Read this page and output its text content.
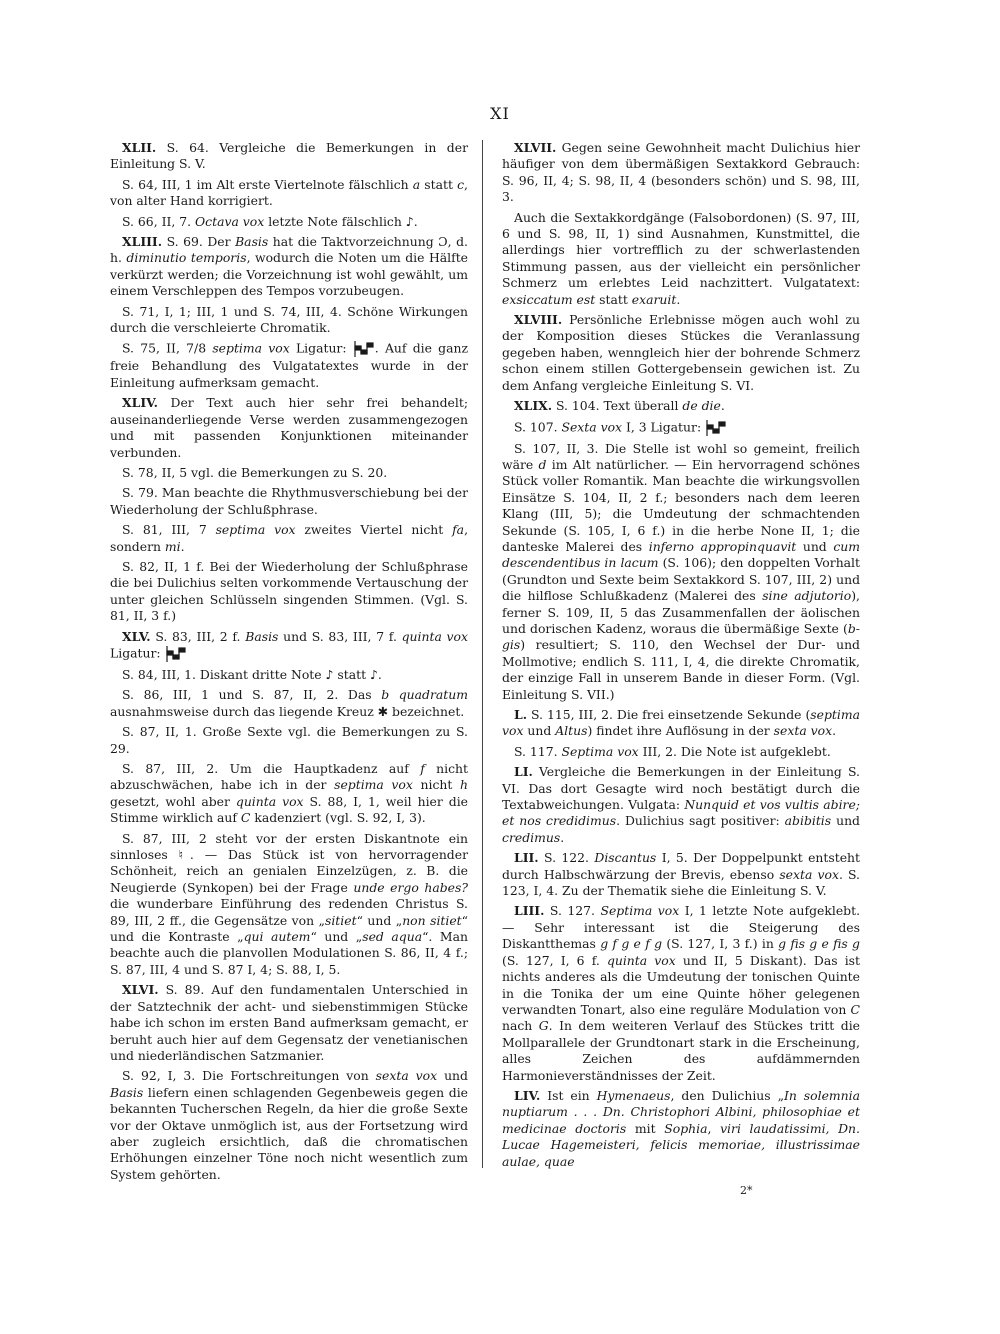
XI

XLII. S. 64. Vergleiche die Bemerkungen in der Einleitung S. V.

S. 64, III, 1 im Alt erste Viertelnote fälschlich a statt c, von alter Hand korrigiert.

S. 66, II, 7. Octava vox letzte Note fälschlich ♪.

XLIII. S. 69. Der Basis hat die Taktvorzeichnung Ɔ, d. h. diminutio temporis, wodurch die Noten um die Hälfte verkürzt werden; die Vorzeichnung ist wohl gewählt, um einem Verschleppen des Tempos vorzubeugen.

S. 71, I, 1; III, 1 und S. 74, III, 4. Schöne Wirkungen durch die verschleierte Chromatik.

S. 75, II, 7/8 septima vox Ligatur: . Auf die ganz freie Behandlung des Vulgatatextes wurde in der Einleitung aufmerksam gemacht.

XLIV. Der Text auch hier sehr frei behandelt; auseinanderliegende Verse werden zusammengezogen und mit passenden Konjunktionen miteinander verbunden.

S. 78, II, 5 vgl. die Bemerkungen zu S. 20.

S. 79. Man beachte die Rhythmusverschiebung bei der Wiederholung der Schlußphrase.

S. 81, III, 7 septima vox zweites Viertel nicht fa, sondern mi.

S. 82, II, 1 f. Bei der Wiederholung der Schlußphrase die bei Dulichius selten vorkommende Vertauschung der unter gleichen Schlüsseln singenden Stimmen. (Vgl. S. 81, II, 3 f.)

XLV. S. 83, III, 2 f. Basis und S. 83, III, 7 f. quinta vox Ligatur:

S. 84, III, 1. Diskant dritte Note ♪ statt ♪.

S. 86, III, 1 und S. 87, II, 2. Das b quadratum ausnahmsweise durch das liegende Kreuz ✱ bezeichnet.

S. 87, II, 1. Große Sexte vgl. die Bemerkungen zu S. 29.

S. 87, III, 2. Um die Hauptkadenz auf f nicht abzuschwächen, habe ich in der septima vox nicht h gesetzt, wohl aber quinta vox S. 88, I, 1, weil hier die Stimme wirklich auf C kadenziert (vgl. S. 92, I, 3).

S. 87, III, 2 steht vor der ersten Diskantnote ein sinnloses ♮. — Das Stück ist von hervorragender Schönheit, reich an genialen Einzelzügen, z. B. die Neugierde (Synkopen) bei der Frage unde ergo habes? die wunderbare Einführung des redenden Christus S. 89, III, 2 ff., die Gegensätze von „sitiet“ und „non sitiet“ und die Kontraste „qui autem“ und „sed aqua“. Man beachte auch die planvollen Modulationen S. 86, II, 4 f.; S. 87, III, 4 und S. 87 I, 4; S. 88, I, 5.

XLVI. S. 89. Auf den fundamentalen Unterschied in der Satztechnik der acht- und siebenstimmigen Stücke habe ich schon im ersten Band aufmerksam gemacht, er beruht auch hier auf dem Gegensatz der venetianischen und niederländischen Satzmanier.

S. 92, I, 3. Die Fortschreitungen von sexta vox und Basis liefern einen schlagenden Gegenbeweis gegen die bekannten Tucherschen Regeln, da hier die große Sexte vor der Oktave unmöglich ist, aus der Fortsetzung wird aber zugleich ersichtlich, daß die chromatischen Erhöhungen einzelner Töne noch nicht wesentlich zum System gehörten.

XLVII. Gegen seine Gewohnheit macht Dulichius hier häufiger von dem übermäßigen Sextakkord Gebrauch: S. 96, II, 4; S. 98, II, 4 (besonders schön) und S. 98, III, 3.

Auch die Sextakkordgänge (Falsobordonen) (S. 97, III, 6 und S. 98, II, 1) sind Ausnahmen, Kunstmittel, die allerdings hier vortrefflich zu der schwerlastenden Stimmung passen, aus der vielleicht ein persönlicher Schmerz um erlebtes Leid nachzittert. Vulgatatext: exsiccatum est statt exaruit.

XLVIII. Persönliche Erlebnisse mögen auch wohl zu der Komposition dieses Stückes die Veranlassung gegeben haben, wenngleich hier der bohrende Schmerz schon einem stillen Gottergebensein gewichen ist. Zu dem Anfang vergleiche Einleitung S. VI.

XLIX. S. 104. Text überall de die.

S. 107. Sexta vox I, 3 Ligatur:

S. 107, II, 3. Die Stelle ist wohl so gemeint, freilich wäre d im Alt natürlicher. — Ein hervorragend schönes Stück voller Romantik. Man beachte die wirkungsvollen Einsätze S. 104, II, 2 f.; besonders nach dem leeren Klang (III, 5); die Umdeutung der schmachtenden Sekunde (S. 105, I, 6 f.) in die herbe None II, 1; die danteske Malerei des inferno appropinquavit und cum descendentibus in lacum (S. 106); den doppelten Vorhalt (Grundton und Sexte beim Sextakkord S. 107, III, 2) und die hilflose Schlußkadenz (Malerei des sine adjutorio), ferner S. 109, II, 5 das Zusammenfallen der äolischen und dorischen Kadenz, woraus die übermäßige Sexte (b-gis) resultiert; S. 110, den Wechsel der Dur- und Mollmotive; endlich S. 111, I, 4, die direkte Chromatik, der einzige Fall in unserem Bande in dieser Form. (Vgl. Einleitung S. VII.)

L. S. 115, III, 2. Die frei einsetzende Sekunde (septima vox und Altus) findet ihre Auflösung in der sexta vox.

S. 117. Septima vox III, 2. Die Note ist aufgeklebt.

LI. Vergleiche die Bemerkungen in der Einleitung S. VI. Das dort Gesagte wird noch bestätigt durch die Textabweichungen. Vulgata: Nunquid et vos vultis abire; et nos credidimus. Dulichius sagt positiver: abibitis und credimus.

LII. S. 122. Discantus I, 5. Der Doppelpunkt entsteht durch Halbschwärzung der Brevis, ebenso sexta vox. S. 123, I, 4. Zu der Thematik siehe die Einleitung S. V.

LIII. S. 127. Septima vox I, 1 letzte Note aufgeklebt. — Sehr interessant ist die Steigerung des Diskantthemas g f g e f g (S. 127, I, 3 f.) in g fis g e fis g (S. 127, I, 6 f. quinta vox und II, 5 Diskant). Das ist nichts anderes als die Umdeutung der tonischen Quinte in die Tonika der um eine Quinte höher gelegenen verwandten Tonart, also eine reguläre Modulation von C nach G. In dem weiteren Verlauf des Stückes tritt die Mollparallele der Grundtonart stark in die Erscheinung, alles Zeichen des aufdämmernden Harmonieverständnisses der Zeit.

LIV. Ist ein Hymenaeus, den Dulichius „In solemnia nuptiarum . . . Dn. Christophori Albini, philosophiae et medicinae doctoris mit Sophia, viri laudatissimi, Dn. Lucae Hagemeisteri, felicis memoriae, illustrissimae aulae, quae

2*
